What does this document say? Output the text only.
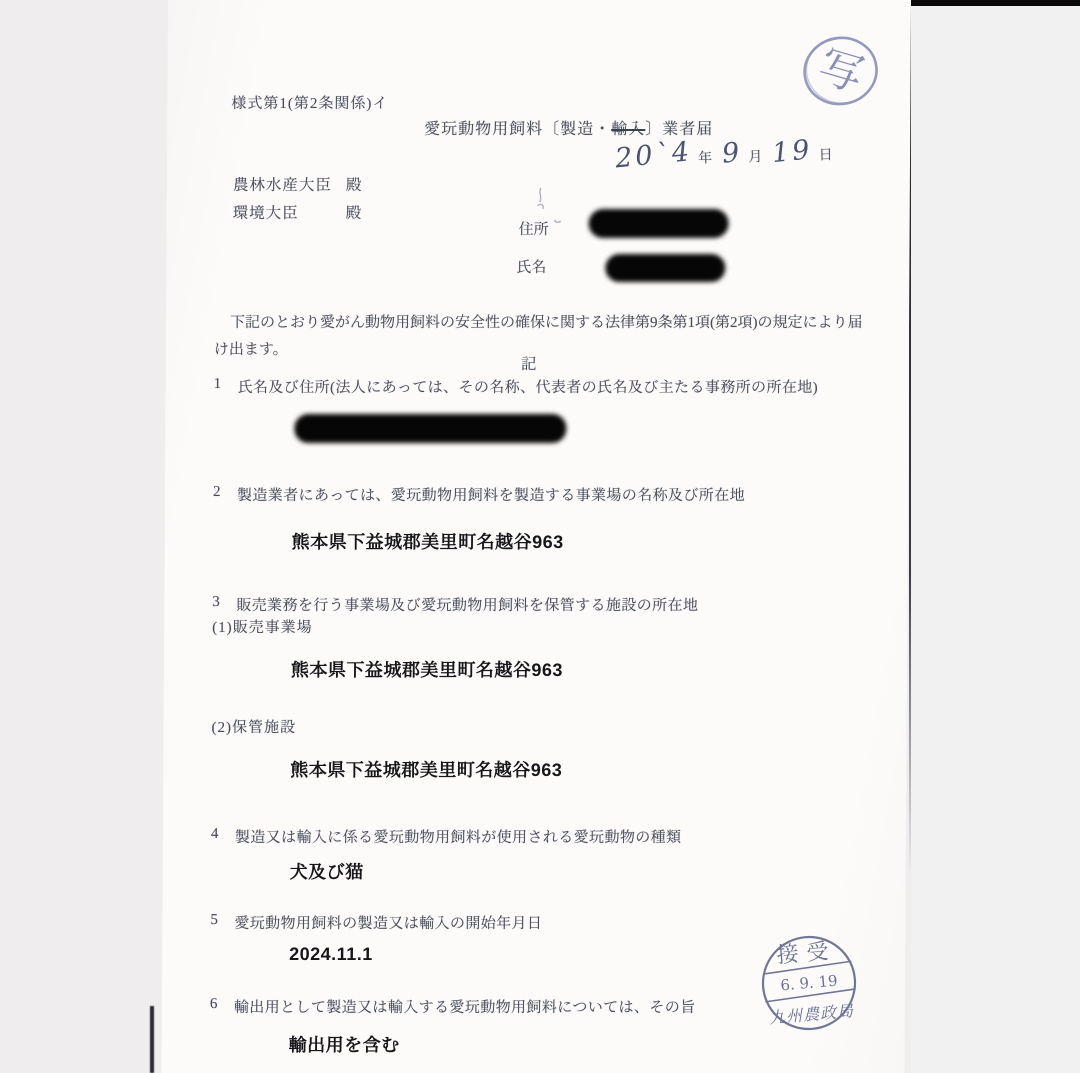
様式第1(第2条関係)イ
愛玩動物用飼料〔製造・輸入〕業者届
20`4 年 9 月 19 日
農林水産大臣 殿
環境大臣	殿
住所
氏名
下記のとおり愛がん動物用飼料の安全性の確保に関する法律第9条第1項(第2項)の規定により届
け出ます。
記
1	氏名及び住所(法人にあっては、その名称、代表者の氏名及び主たる事務所の所在地)
2	製造業者にあっては、愛玩動物用飼料を製造する事業場の名称及び所在地
熊本県下益城郡美里町名越谷963
3	販売業務を行う事業場及び愛玩動物用飼料を保管する施設の所在地
(1)販売事業場
熊本県下益城郡美里町名越谷963
(2)保管施設
熊本県下益城郡美里町名越谷963
4	製造又は輸入に係る愛玩動物用飼料が使用される愛玩動物の種類
犬及び猫
5	愛玩動物用飼料の製造又は輸入の開始年月日
2024.11.1
6	輸出用として製造又は輸入する愛玩動物用飼料については、その旨
輸出用を含む
写
接受
6. 9. 19
九州農政局
